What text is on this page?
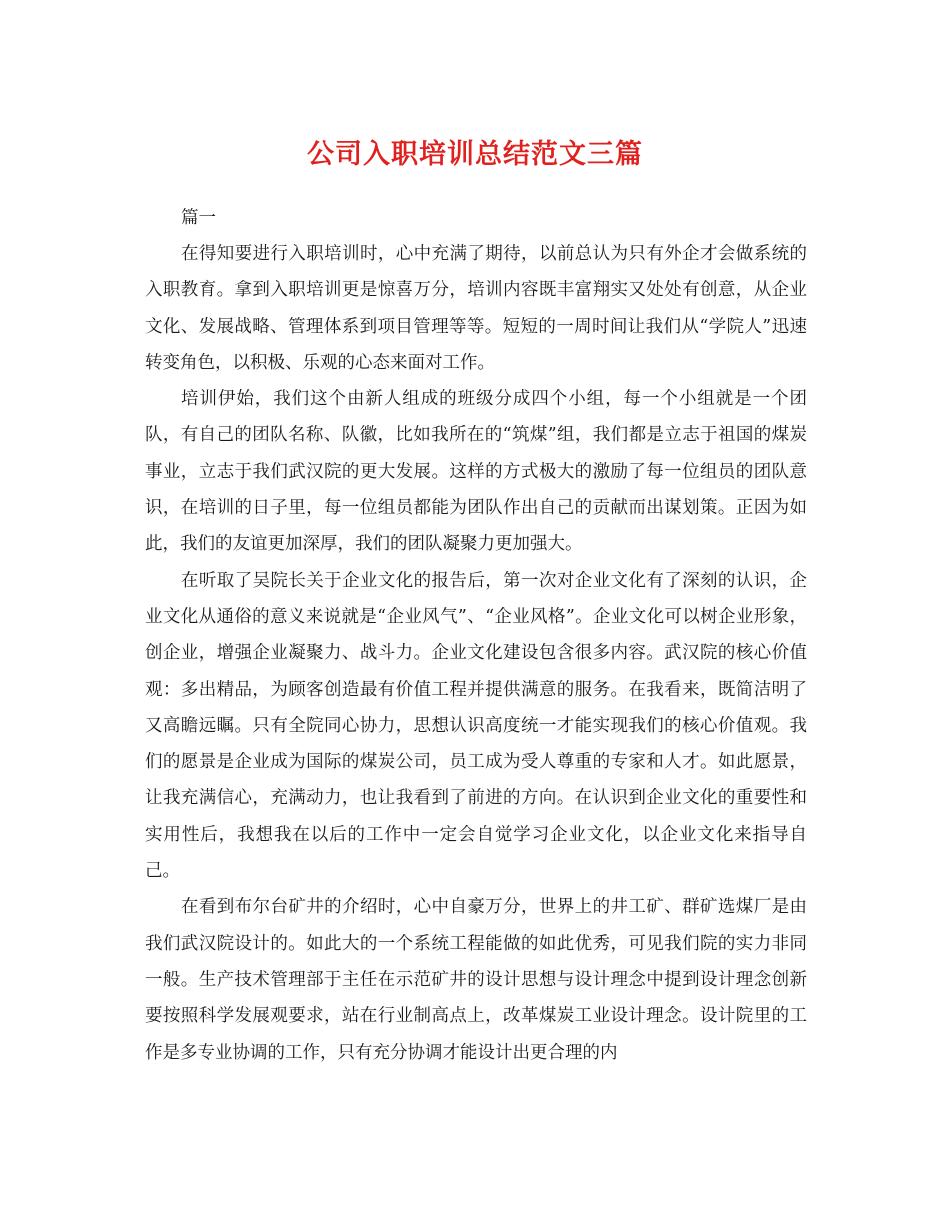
公司入职培训总结范文三篇

篇一

在得知要进行入职培训时，心中充满了期待，以前总认为只有外企才会做系统的入职教育。拿到入职培训更是惊喜万分，培训内容既丰富翔实又处处有创意，从企业文化、发展战略、管理体系到项目管理等等。短短的一周时间让我们从“学院人”迅速转变角色，以积极、乐观的心态来面对工作。

培训伊始，我们这个由新人组成的班级分成四个小组，每一个小组就是一个团队，有自己的团队名称、队徽，比如我所在的“筑煤”组，我们都是立志于祖国的煤炭事业，立志于我们武汉院的更大发展。这样的方式极大的激励了每一位组员的团队意识，在培训的日子里，每一位组员都能为团队作出自己的贡献而出谋划策。正因为如此，我们的友谊更加深厚，我们的团队凝聚力更加强大。

在听取了吴院长关于企业文化的报告后，第一次对企业文化有了深刻的认识，企业文化从通俗的意义来说就是“企业风气”、“企业风格”。企业文化可以树企业形象，创企业，增强企业凝聚力、战斗力。企业文化建设包含很多内容。武汉院的核心价值观：多出精品，为顾客创造最有价值工程并提供满意的服务。在我看来，既简洁明了又高瞻远瞩。只有全院同心协力，思想认识高度统一才能实现我们的核心价值观。我们的愿景是企业成为国际的煤炭公司，员工成为受人尊重的专家和人才。如此愿景，让我充满信心，充满动力，也让我看到了前进的方向。在认识到企业文化的重要性和实用性后，我想我在以后的工作中一定会自觉学习企业文化，以企业文化来指导自己。

在看到布尔台矿井的介绍时，心中自豪万分，世界上的井工矿、群矿选煤厂是由我们武汉院设计的。如此大的一个系统工程能做的如此优秀，可见我们院的实力非同一般。生产技术管理部于主任在示范矿井的设计思想与设计理念中提到设计理念创新要按照科学发展观要求，站在行业制高点上，改革煤炭工业设计理念。设计院里的工作是多专业协调的工作，只有充分协调才能设计出更合理的内
